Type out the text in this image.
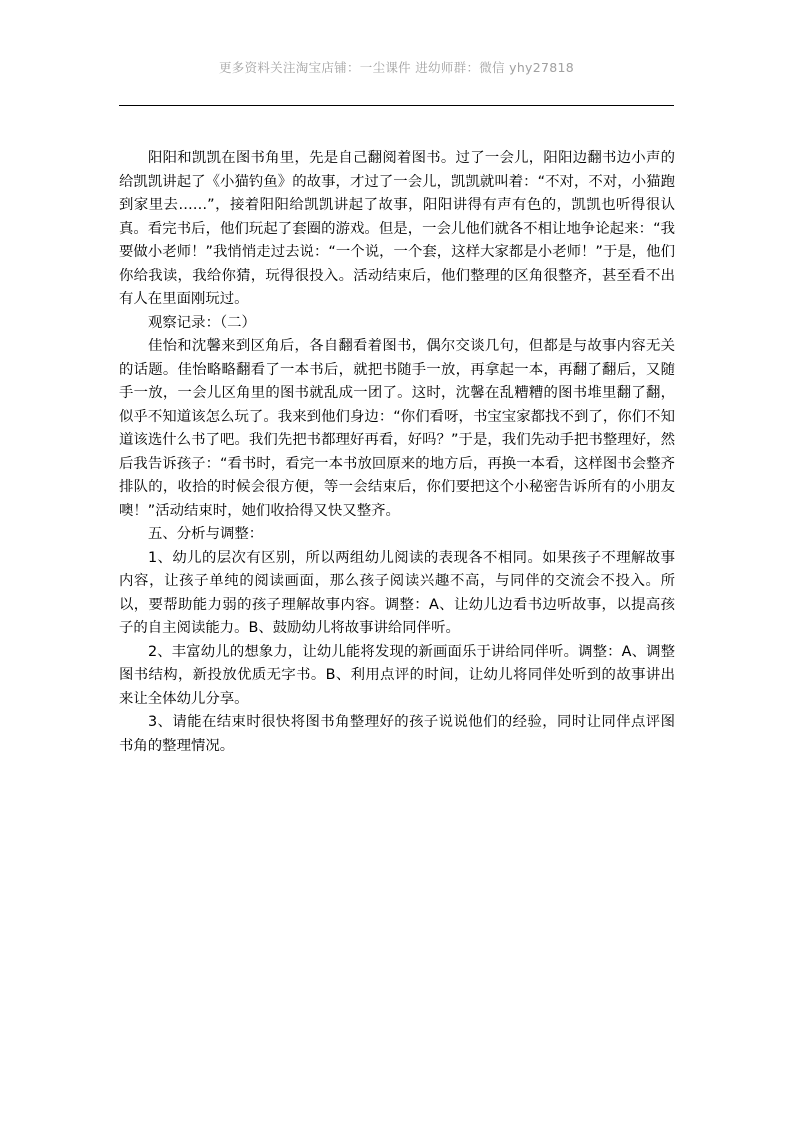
更多资料关注淘宝店铺：一尘课件 进幼师群：微信 yhy27818

阳阳和凯凯在图书角里，先是自己翻阅着图书。过了一会儿，阳阳边翻书边小声的给凯凯讲起了《小猫钓鱼》的故事，才过了一会儿，凯凯就叫着：“不对，不对，小猫跑到家里去……”，接着阳阳给凯凯讲起了故事，阳阳讲得有声有色的，凯凯也听得很认真。看完书后，他们玩起了套圈的游戏。但是，一会儿他们就各不相让地争论起来：“我要做小老师！”我悄悄走过去说：“一个说，一个套，这样大家都是小老师！”于是，他们你给我读，我给你猜，玩得很投入。活动结束后，他们整理的区角很整齐，甚至看不出有人在里面刚玩过。

观察记录：（二）

佳怡和沈馨来到区角后，各自翻看着图书，偶尔交谈几句，但都是与故事内容无关的话题。佳怡略略翻看了一本书后，就把书随手一放，再拿起一本，再翻了翻后，又随手一放，一会儿区角里的图书就乱成一团了。这时，沈馨在乱糟糟的图书堆里翻了翻，似乎不知道该怎么玩了。我来到他们身边：“你们看呀，书宝宝家都找不到了，你们不知道该选什么书了吧。我们先把书都理好再看，好吗？”于是，我们先动手把书整理好，然后我告诉孩子：“看书时，看完一本书放回原来的地方后，再换一本看，这样图书会整齐排队的，收拾的时候会很方便，等一会结束后，你们要把这个小秘密告诉所有的小朋友噢！”活动结束时，她们收拾得又快又整齐。

五、分析与调整：

1、幼儿的层次有区别，所以两组幼儿阅读的表现各不相同。如果孩子不理解故事内容，让孩子单纯的阅读画面，那么孩子阅读兴趣不高，与同伴的交流会不投入。所以，要帮助能力弱的孩子理解故事内容。调整：A、让幼儿边看书边听故事，以提高孩子的自主阅读能力。B、鼓励幼儿将故事讲给同伴听。

2、丰富幼儿的想象力，让幼儿能将发现的新画面乐于讲给同伴听。调整：A、调整图书结构，新投放优质无字书。B、利用点评的时间，让幼儿将同伴处听到的故事讲出来让全体幼儿分享。

3、请能在结束时很快将图书角整理好的孩子说说他们的经验，同时让同伴点评图书角的整理情况。
